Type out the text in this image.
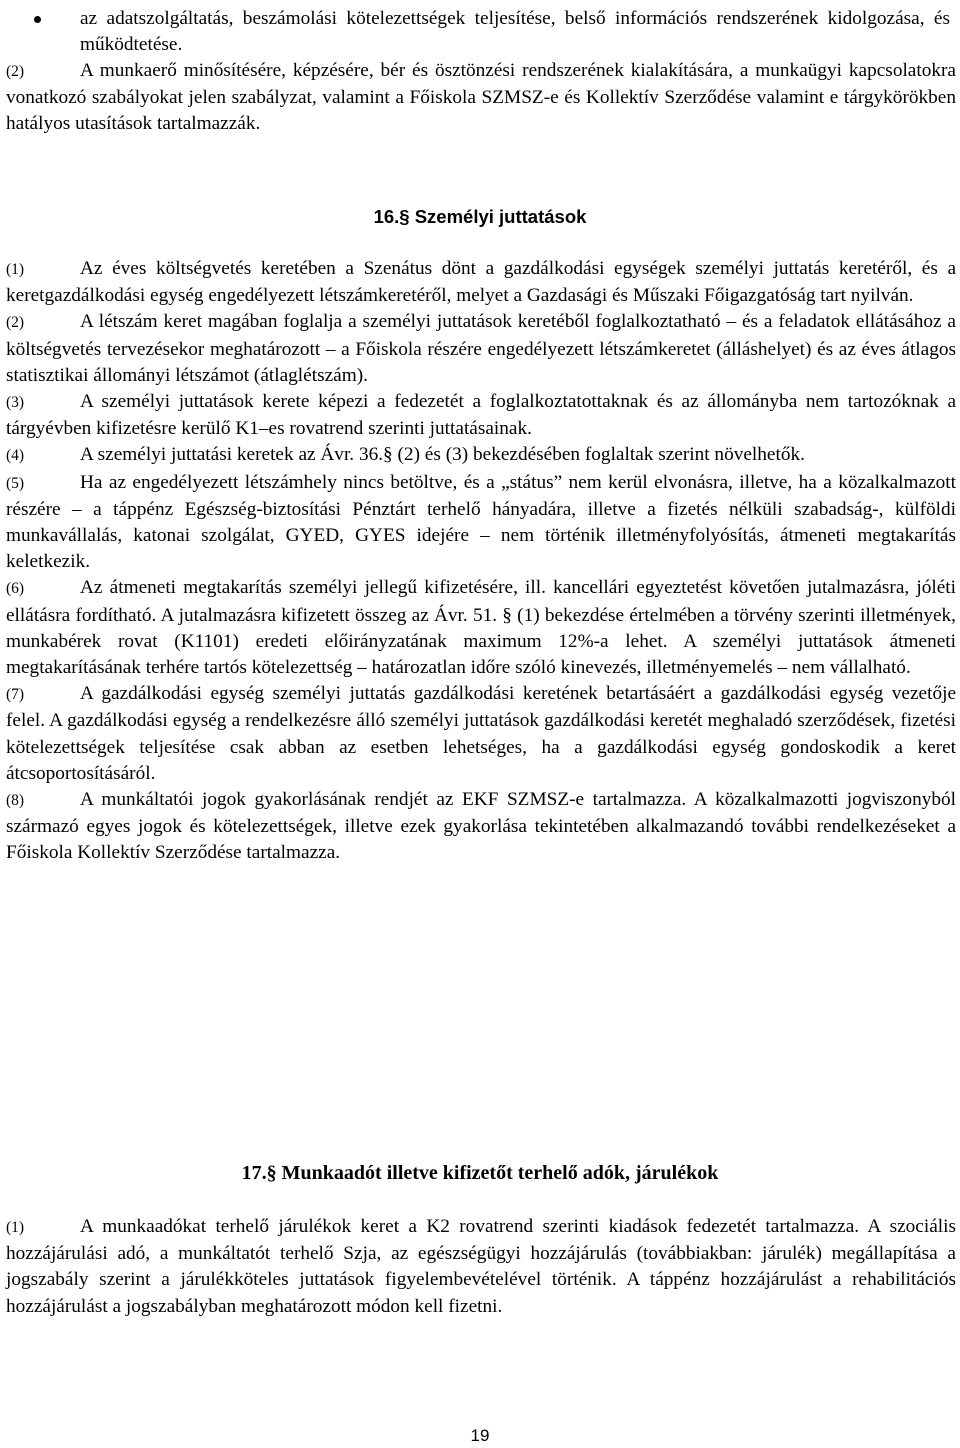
az adatszolgáltatás, beszámolási kötelezettségek teljesítése, belső információs rendszerének kidolgozása, és működtetése.

(2)	A munkaerő minősítésére, képzésére, bér és ösztönzési rendszerének kialakítására, a munkaügyi kapcsolatokra vonatkozó szabályokat jelen szabályzat, valamint a Főiskola SZMSZ-e és Kollektív Szerződése valamint e tárgykörökben hatályos utasítások tartalmazzák.

16.§ Személyi juttatások

(1)	Az éves költségvetés keretében a Szenátus dönt a gazdálkodási egységek személyi juttatás keretéről, és a keretgazdálkodási egység engedélyezett létszámkeretéről, melyet a Gazdasági és Műszaki Főigazgatóság tart nyilván.

(2)	A létszám keret magában foglalja a személyi juttatások keretéből foglalkoztatható – és a feladatok ellátásához a költségvetés tervezésekor meghatározott – a Főiskola részére engedélyezett létszámkeretet (álláshelyet) és az éves átlagos statisztikai állományi létszámot (átlaglétszám).

(3)	A személyi juttatások kerete képezi a fedezetét a foglalkoztatottaknak és az állományba nem tartozóknak a tárgyévben kifizetésre kerülő K1–es rovatrend szerinti juttatásainak.

(4)	A személyi juttatási keretek az Ávr. 36.§ (2) és (3) bekezdésében foglaltak szerint növelhetők.

(5)	Ha az engedélyezett létszámhely nincs betöltve, és a „státus” nem kerül elvonásra, illetve, ha a közalkalmazott részére – a táppénz Egészség-biztosítási Pénztárt terhelő hányadára, illetve a fizetés nélküli szabadság-, külföldi munkavállalás, katonai szolgálat, GYED, GYES idejére – nem történik illetményfolyósítás, átmeneti megtakarítás keletkezik.

(6)	Az átmeneti megtakarítás személyi jellegű kifizetésére, ill. kancellári egyeztetést követően jutalmazásra, jóléti ellátásra fordítható. A jutalmazásra kifizetett összeg az Ávr. 51. § (1) bekezdése értelmében a törvény szerinti illetmények, munkabérek rovat (K1101) eredeti előirányzatának maximum 12%-a lehet. A személyi juttatások átmeneti megtakarításának terhére tartós kötelezettség – határozatlan időre szóló kinevezés, illetményemelés – nem vállalható.

(7)	A gazdálkodási egység személyi juttatás gazdálkodási keretének betartásáért a gazdálkodási egység vezetője felel. A gazdálkodási egység a rendelkezésre álló személyi juttatások gazdálkodási keretét meghaladó szerződések, fizetési kötelezettségek teljesítése csak abban az esetben lehetséges, ha a gazdálkodási egység gondoskodik a keret átcsoportosításáról.

(8)	A munkáltatói jogok gyakorlásának rendjét az EKF SZMSZ-e tartalmazza. A közalkalmazotti jogviszonyból származó egyes jogok és kötelezettségek, illetve ezek gyakorlása tekintetében alkalmazandó további rendelkezéseket a Főiskola Kollektív Szerződése tartalmazza.

17.§ Munkaadót illetve kifizetőt terhelő adók, járulékok

(1)	A munkaadókat terhelő járulékok keret a K2 rovatrend szerinti kiadások fedezetét tartalmazza. A szociális hozzájárulási adó, a munkáltatót terhelő Szja, az egészségügyi hozzájárulás (továbbiakban: járulék) megállapítása a jogszabály szerint a járulékköteles juttatások figyelembevételével történik. A táppénz hozzájárulást a rehabilitációs hozzájárulást a jogszabályban meghatározott módon kell fizetni.

19
